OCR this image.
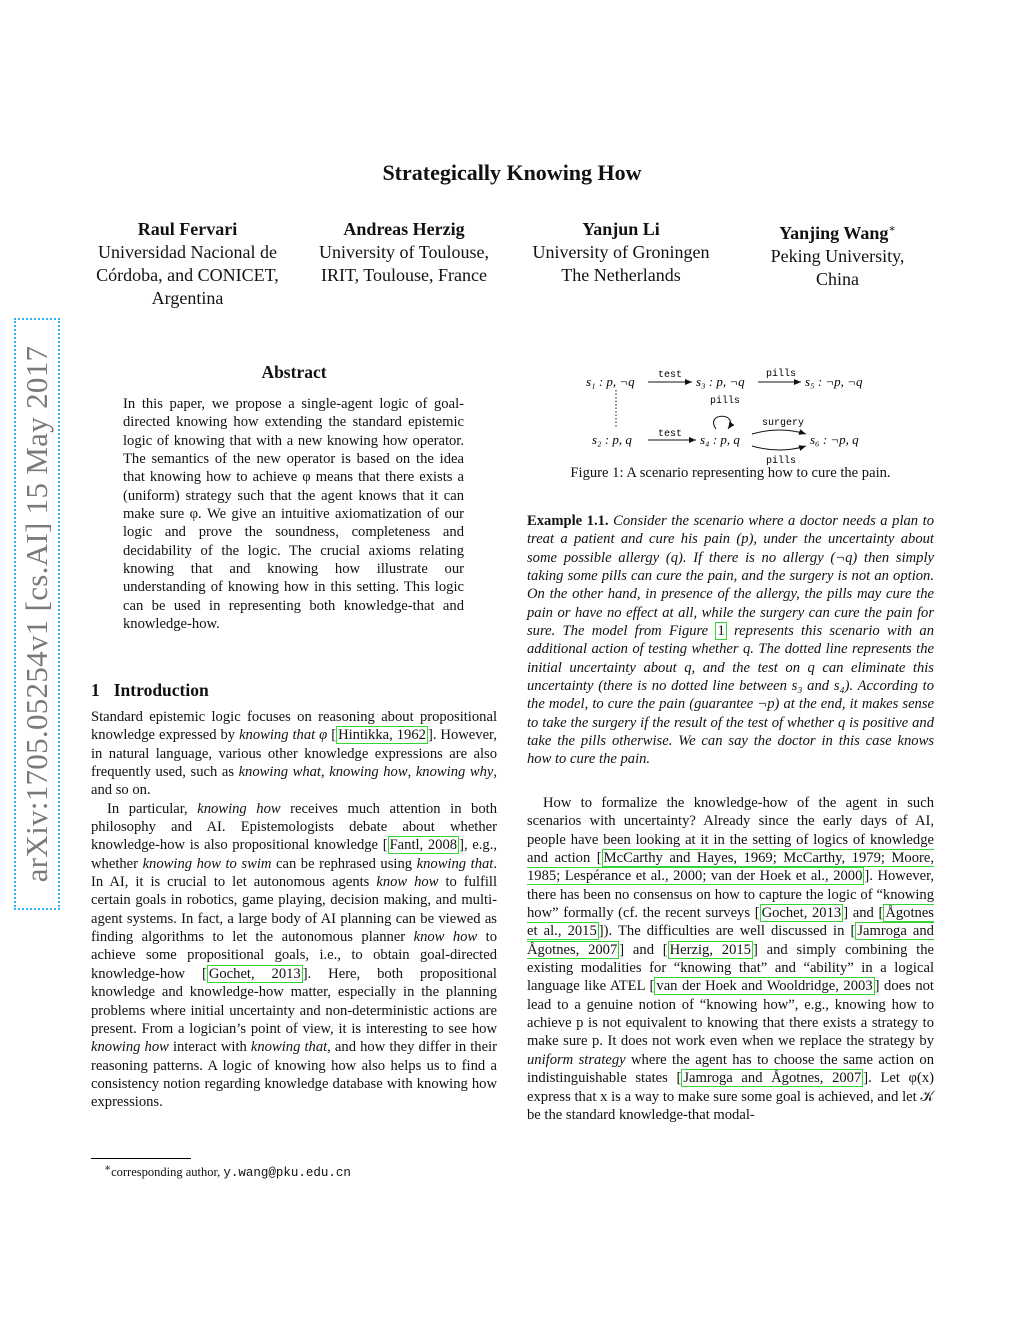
arXiv:1705.05254v1 [cs.AI] 15 May 2017
Strategically Knowing How
Raul Fervari
Universidad Nacional de
Córdoba, and CONICET,
Argentina
Andreas Herzig
University of Toulouse,
IRIT, Toulouse, France
Yanjun Li
University of Groningen
The Netherlands
Yanjing Wang∗
Peking University,
China
Abstract

In this paper, we propose a single-agent logic of goal-directed knowing how extending the standard epistemic logic of knowing that with a new knowing how operator. The semantics of the new operator is based on the idea that knowing how to achieve φ means that there exists a (uniform) strategy such that the agent knows that it can make sure φ. We give an intuitive axiomatization of our logic and prove the soundness, completeness and decidability of the logic. The crucial axioms relating knowing that and knowing how illustrate our understanding of knowing how in this setting. This logic can be used in representing both knowledge-that and knowledge-how.

1 Introduction

Standard epistemic logic focuses on reasoning about propositional knowledge expressed by knowing that φ [ Hintikka, 1962 ]. However, in natural language, various other knowledge expressions are also frequently used, such as knowing what, knowing how, knowing why, and so on.

In particular, knowing how receives much attention in both philosophy and AI. Epistemologists debate about whether knowledge-how is also propositional knowledge [ Fantl, 2008 ], e.g., whether knowing how to swim can be rephrased using knowing that. In AI, it is crucial to let autonomous agents know how to fulfill certain goals in robotics, game playing, decision making, and multi-agent systems. In fact, a large body of AI planning can be viewed as finding algorithms to let the autonomous planner know how to achieve some propositional goals, i.e., to obtain goal-directed knowledge-how [ Gochet, 2013 ]. Here, both propositional knowledge and knowledge-how matter, especially in the planning problems where initial uncertainty and non-deterministic actions are present. From a logician’s point of view, it is interesting to see how knowing how interact with knowing that, and how they differ in their reasoning patterns. A logic of knowing how also helps us to find a consistency notion regarding knowledge database with knowing how expressions.

∗corresponding author, y.wang@pku.edu.cn
s₁ : p, ¬q	s₃ : p, ¬q	s₅ : ¬p, ¬q
test	pills
s₂ : p, q	s₄ : p, q	s₆ : ¬p, q
test
pills
surgery
pills
Figure 1: A scenario representing how to cure the pain.
Example 1.1. Consider the scenario where a doctor needs a plan to treat a patient and cure his pain (p), under the uncertainty about some possible allergy (q). If there is no allergy (¬q) then simply taking some pills can cure the pain, and the surgery is not an option. On the other hand, in presence of the allergy, the pills may cure the pain or have no effect at all, while the surgery can cure the pain for sure. The model from Figure 1 represents this scenario with an additional action of testing whether q. The dotted line represents the initial uncertainty about q, and the test on q can eliminate this uncertainty (there is no dotted line between s₃ and s₄). According to the model, to cure the pain (guarantee ¬p) at the end, it makes sense to take the surgery if the result of the test of whether q is positive and take the pills otherwise. We can say the doctor in this case knows how to cure the pain.

How to formalize the knowledge-how of the agent in such scenarios with uncertainty? Already since the early days of AI, people have been looking at it in the setting of logics of knowledge and action [ McCarthy and Hayes, 1969; McCarthy, 1979; Moore, 1985; Lespérance et al., 2000; van der Hoek et al., 2000 ]. However, there has been no consensus on how to capture the logic of “knowing how” formally (cf. the recent surveys [ Gochet, 2013 ] and [ Ågotnes et al., 2015 ]). The difficulties are well discussed in [ Jamroga and Ågotnes, 2007 ] and [ Herzig, 2015 ] and simply combining the existing modalities for “knowing that” and “ability” in a logical language like ATEL [ van der Hoek and Wooldridge, 2003 ] does not lead to a genuine notion of “knowing how”, e.g., knowing how to achieve p is not equivalent to knowing that there exists a strategy to make sure p. It does not work even when we replace the strategy by uniform strategy where the agent has to choose the same action on indistinguishable states [ Jamroga and Ågotnes, 2007 ]. Let φ(x) express that x is a way to make sure some goal is achieved, and let 𝒦 be the standard knowledge-that modal-
